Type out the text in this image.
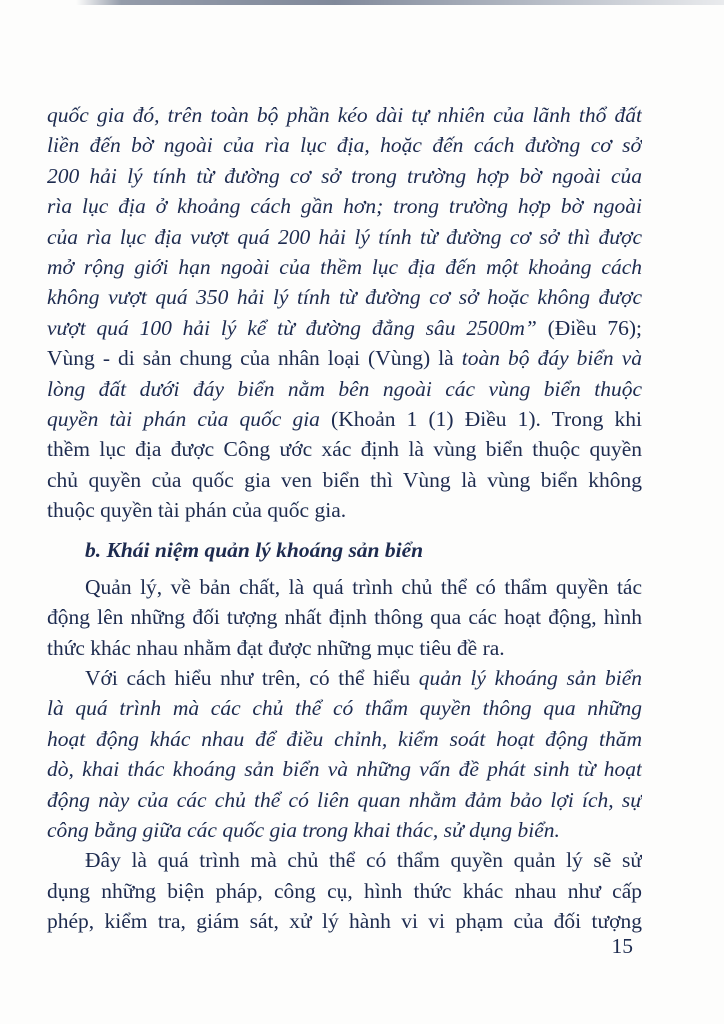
quốc gia đó, trên toàn bộ phần kéo dài tự nhiên của lãnh thổ đất
liền đến bờ ngoài của rìa lục địa, hoặc đến cách đường cơ sở
200 hải lý tính từ đường cơ sở trong trường hợp bờ ngoài của
rìa lục địa ở khoảng cách gần hơn; trong trường hợp bờ ngoài
của rìa lục địa vượt quá 200 hải lý tính từ đường cơ sở thì được
mở rộng giới hạn ngoài của thềm lục địa đến một khoảng cách
không vượt quá 350 hải lý tính từ đường cơ sở hoặc không được
vượt quá 100 hải lý kể từ đường đẳng sâu 2500m” (Điều 76);
Vùng - di sản chung của nhân loại (Vùng) là toàn bộ đáy biển và
lòng đất dưới đáy biển nằm bên ngoài các vùng biển thuộc
quyền tài phán của quốc gia (Khoản 1 (1) Điều 1). Trong khi
thềm lục địa được Công ước xác định là vùng biển thuộc quyền
chủ quyền của quốc gia ven biển thì Vùng là vùng biển không
thuộc quyền tài phán của quốc gia.
b. Khái niệm quản lý khoáng sản biển
Quản lý, về bản chất, là quá trình chủ thể có thẩm quyền tác
động lên những đối tượng nhất định thông qua các hoạt động, hình
thức khác nhau nhằm đạt được những mục tiêu đề ra.
Với cách hiểu như trên, có thể hiểu quản lý khoáng sản biển
là quá trình mà các chủ thể có thẩm quyền thông qua những
hoạt động khác nhau để điều chỉnh, kiểm soát hoạt động thăm
dò, khai thác khoáng sản biển và những vấn đề phát sinh từ hoạt
động này của các chủ thể có liên quan nhằm đảm bảo lợi ích, sự
công bằng giữa các quốc gia trong khai thác, sử dụng biển.
Đây là quá trình mà chủ thể có thẩm quyền quản lý sẽ sử
dụng những biện pháp, công cụ, hình thức khác nhau như cấp
phép, kiểm tra, giám sát, xử lý hành vi vi phạm của đối tượng
15
